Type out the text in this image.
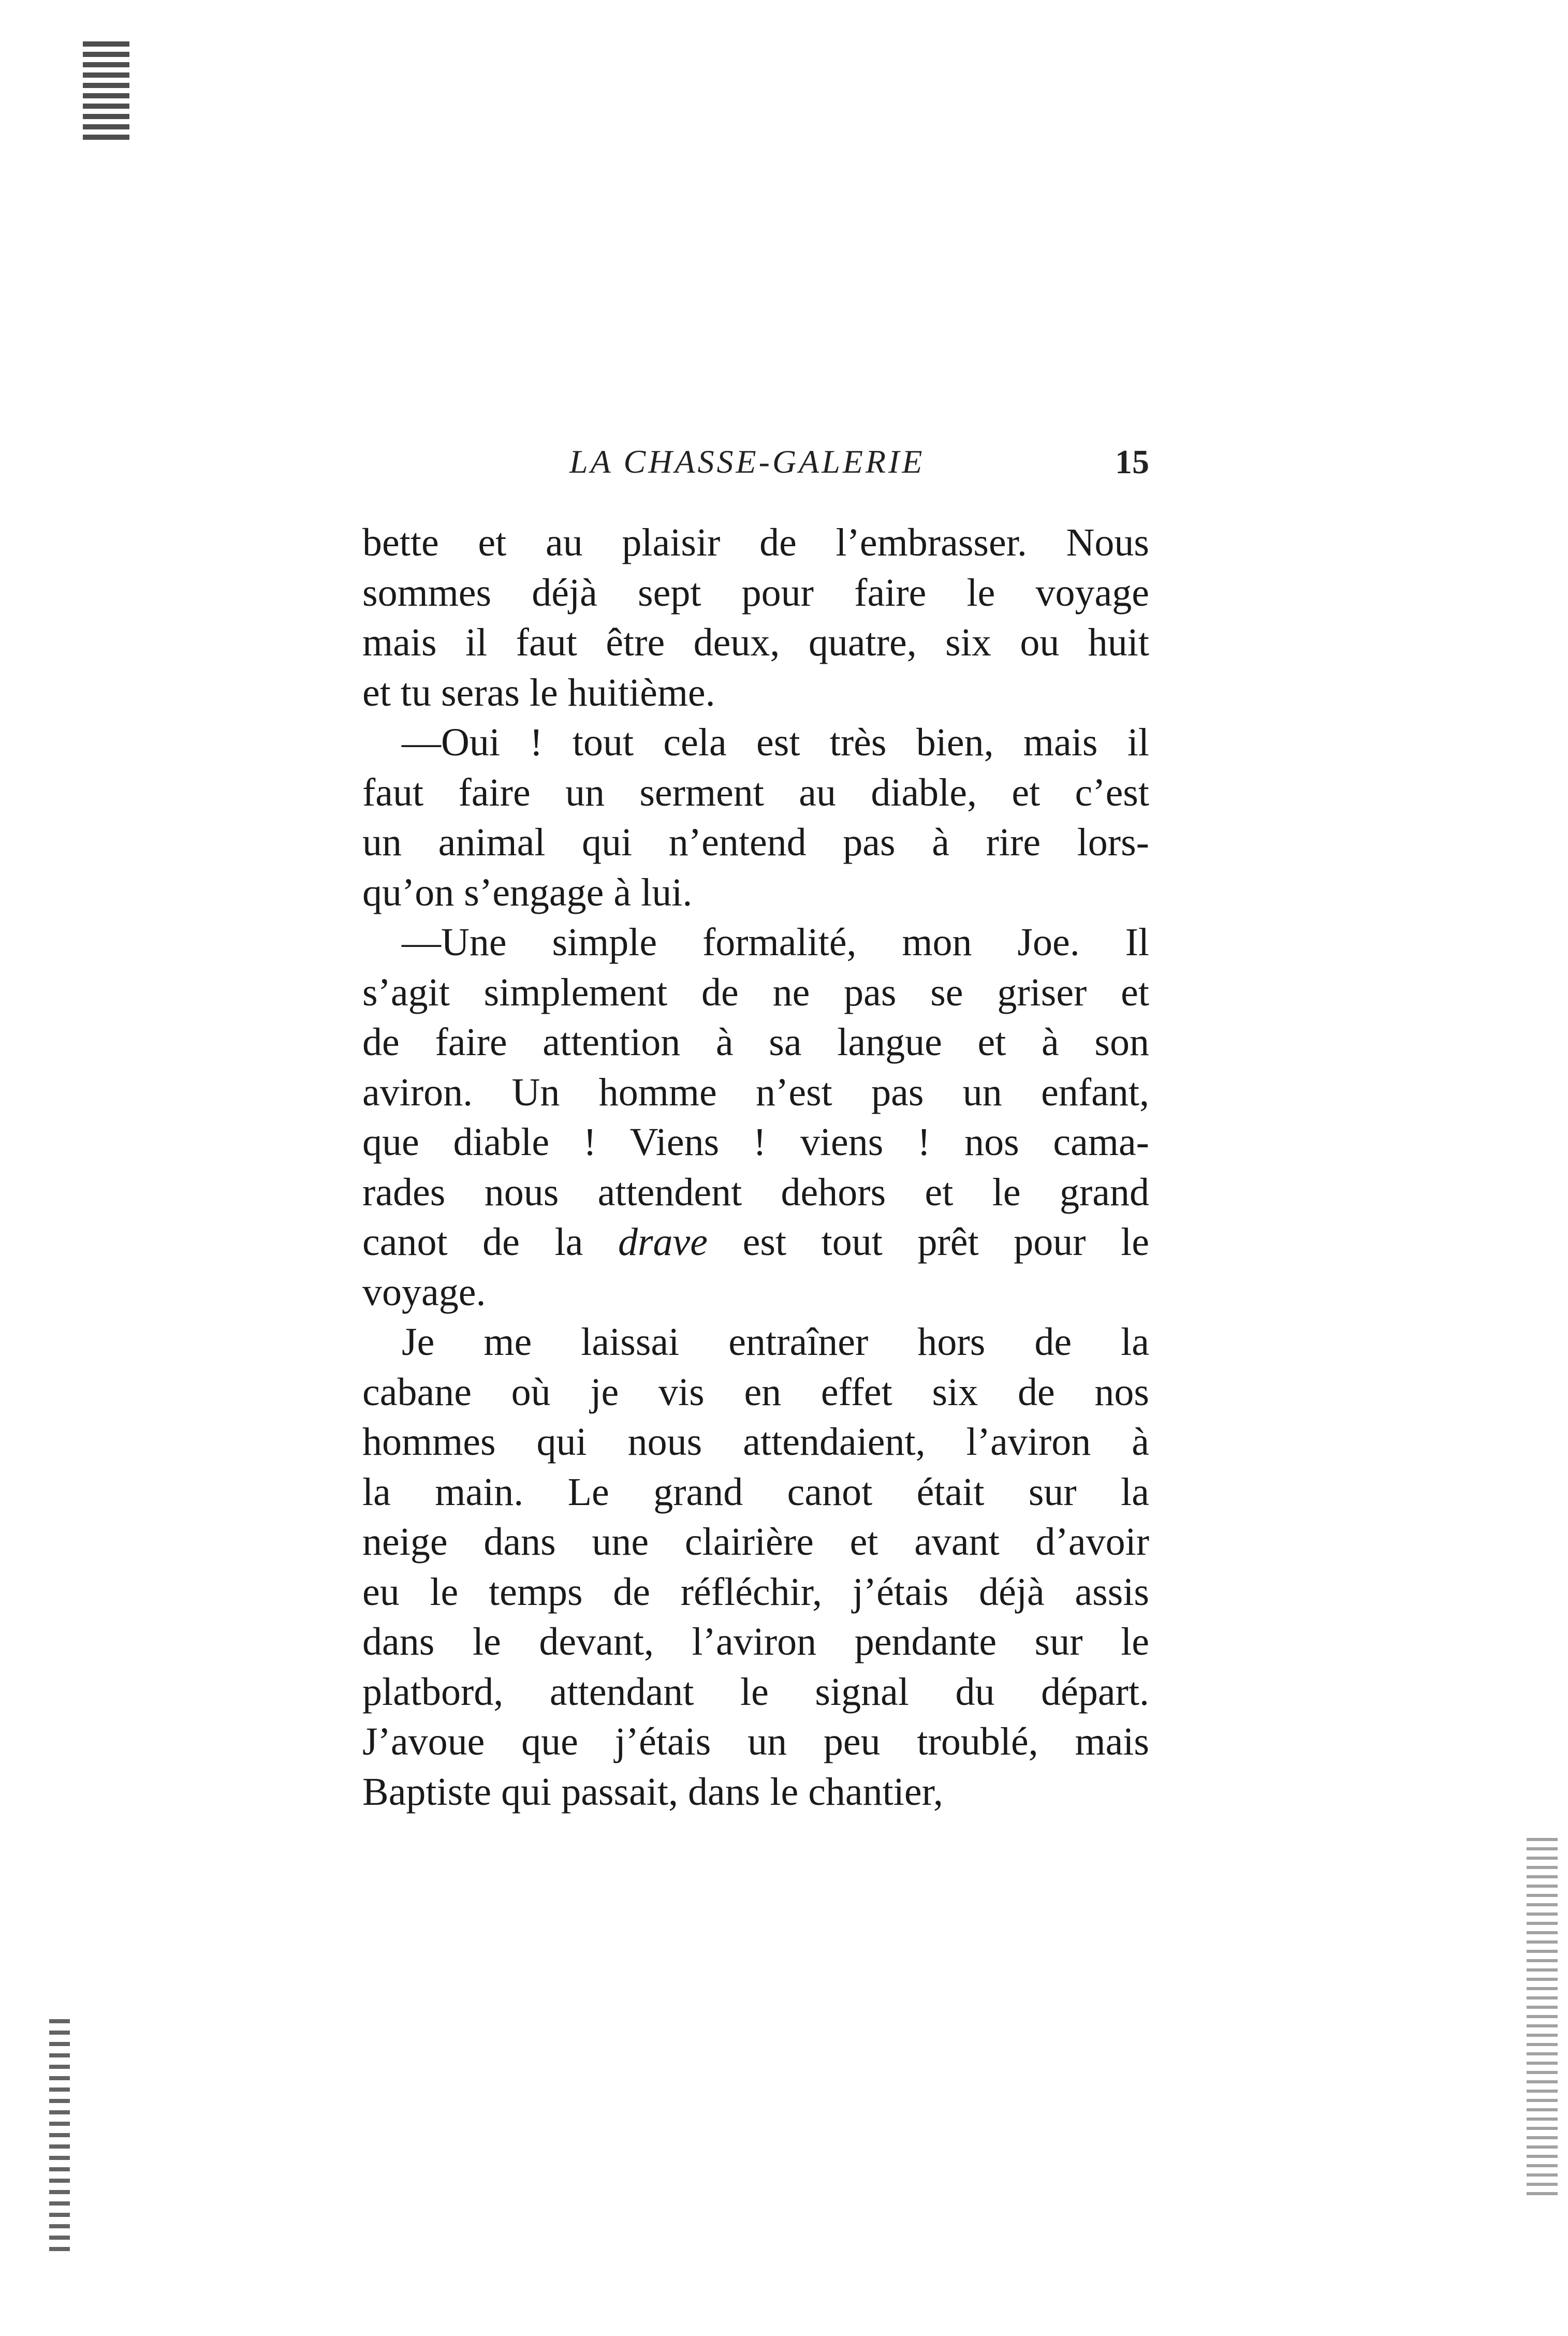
LA CHASSE-GALERIE	15
bette et au plaisir de l’embrasser. Nous
sommes déjà sept pour faire le voyage
mais il faut être deux, quatre, six ou huit
et tu seras le huitième.
—Oui ! tout cela est très bien, mais il
faut faire un serment au diable, et c’est
un animal qui n’entend pas à rire lors-
qu’on s’engage à lui.
—Une simple formalité, mon Joe. Il
s’agit simplement de ne pas se griser et
de faire attention à sa langue et à son
aviron. Un homme n’est pas un enfant,
que diable ! Viens ! viens ! nos cama-
rades nous attendent dehors et le grand
canot de la drave est tout prêt pour le
voyage.
Je me laissai entraîner hors de la
cabane où je vis en effet six de nos
hommes qui nous attendaient, l’aviron à
la main. Le grand canot était sur la
neige dans une clairière et avant d’avoir
eu le temps de réfléchir, j’étais déjà assis
dans le devant, l’aviron pendante sur le
platbord, attendant le signal du départ.
J’avoue que j’étais un peu troublé, mais
Baptiste qui passait, dans le chantier,
